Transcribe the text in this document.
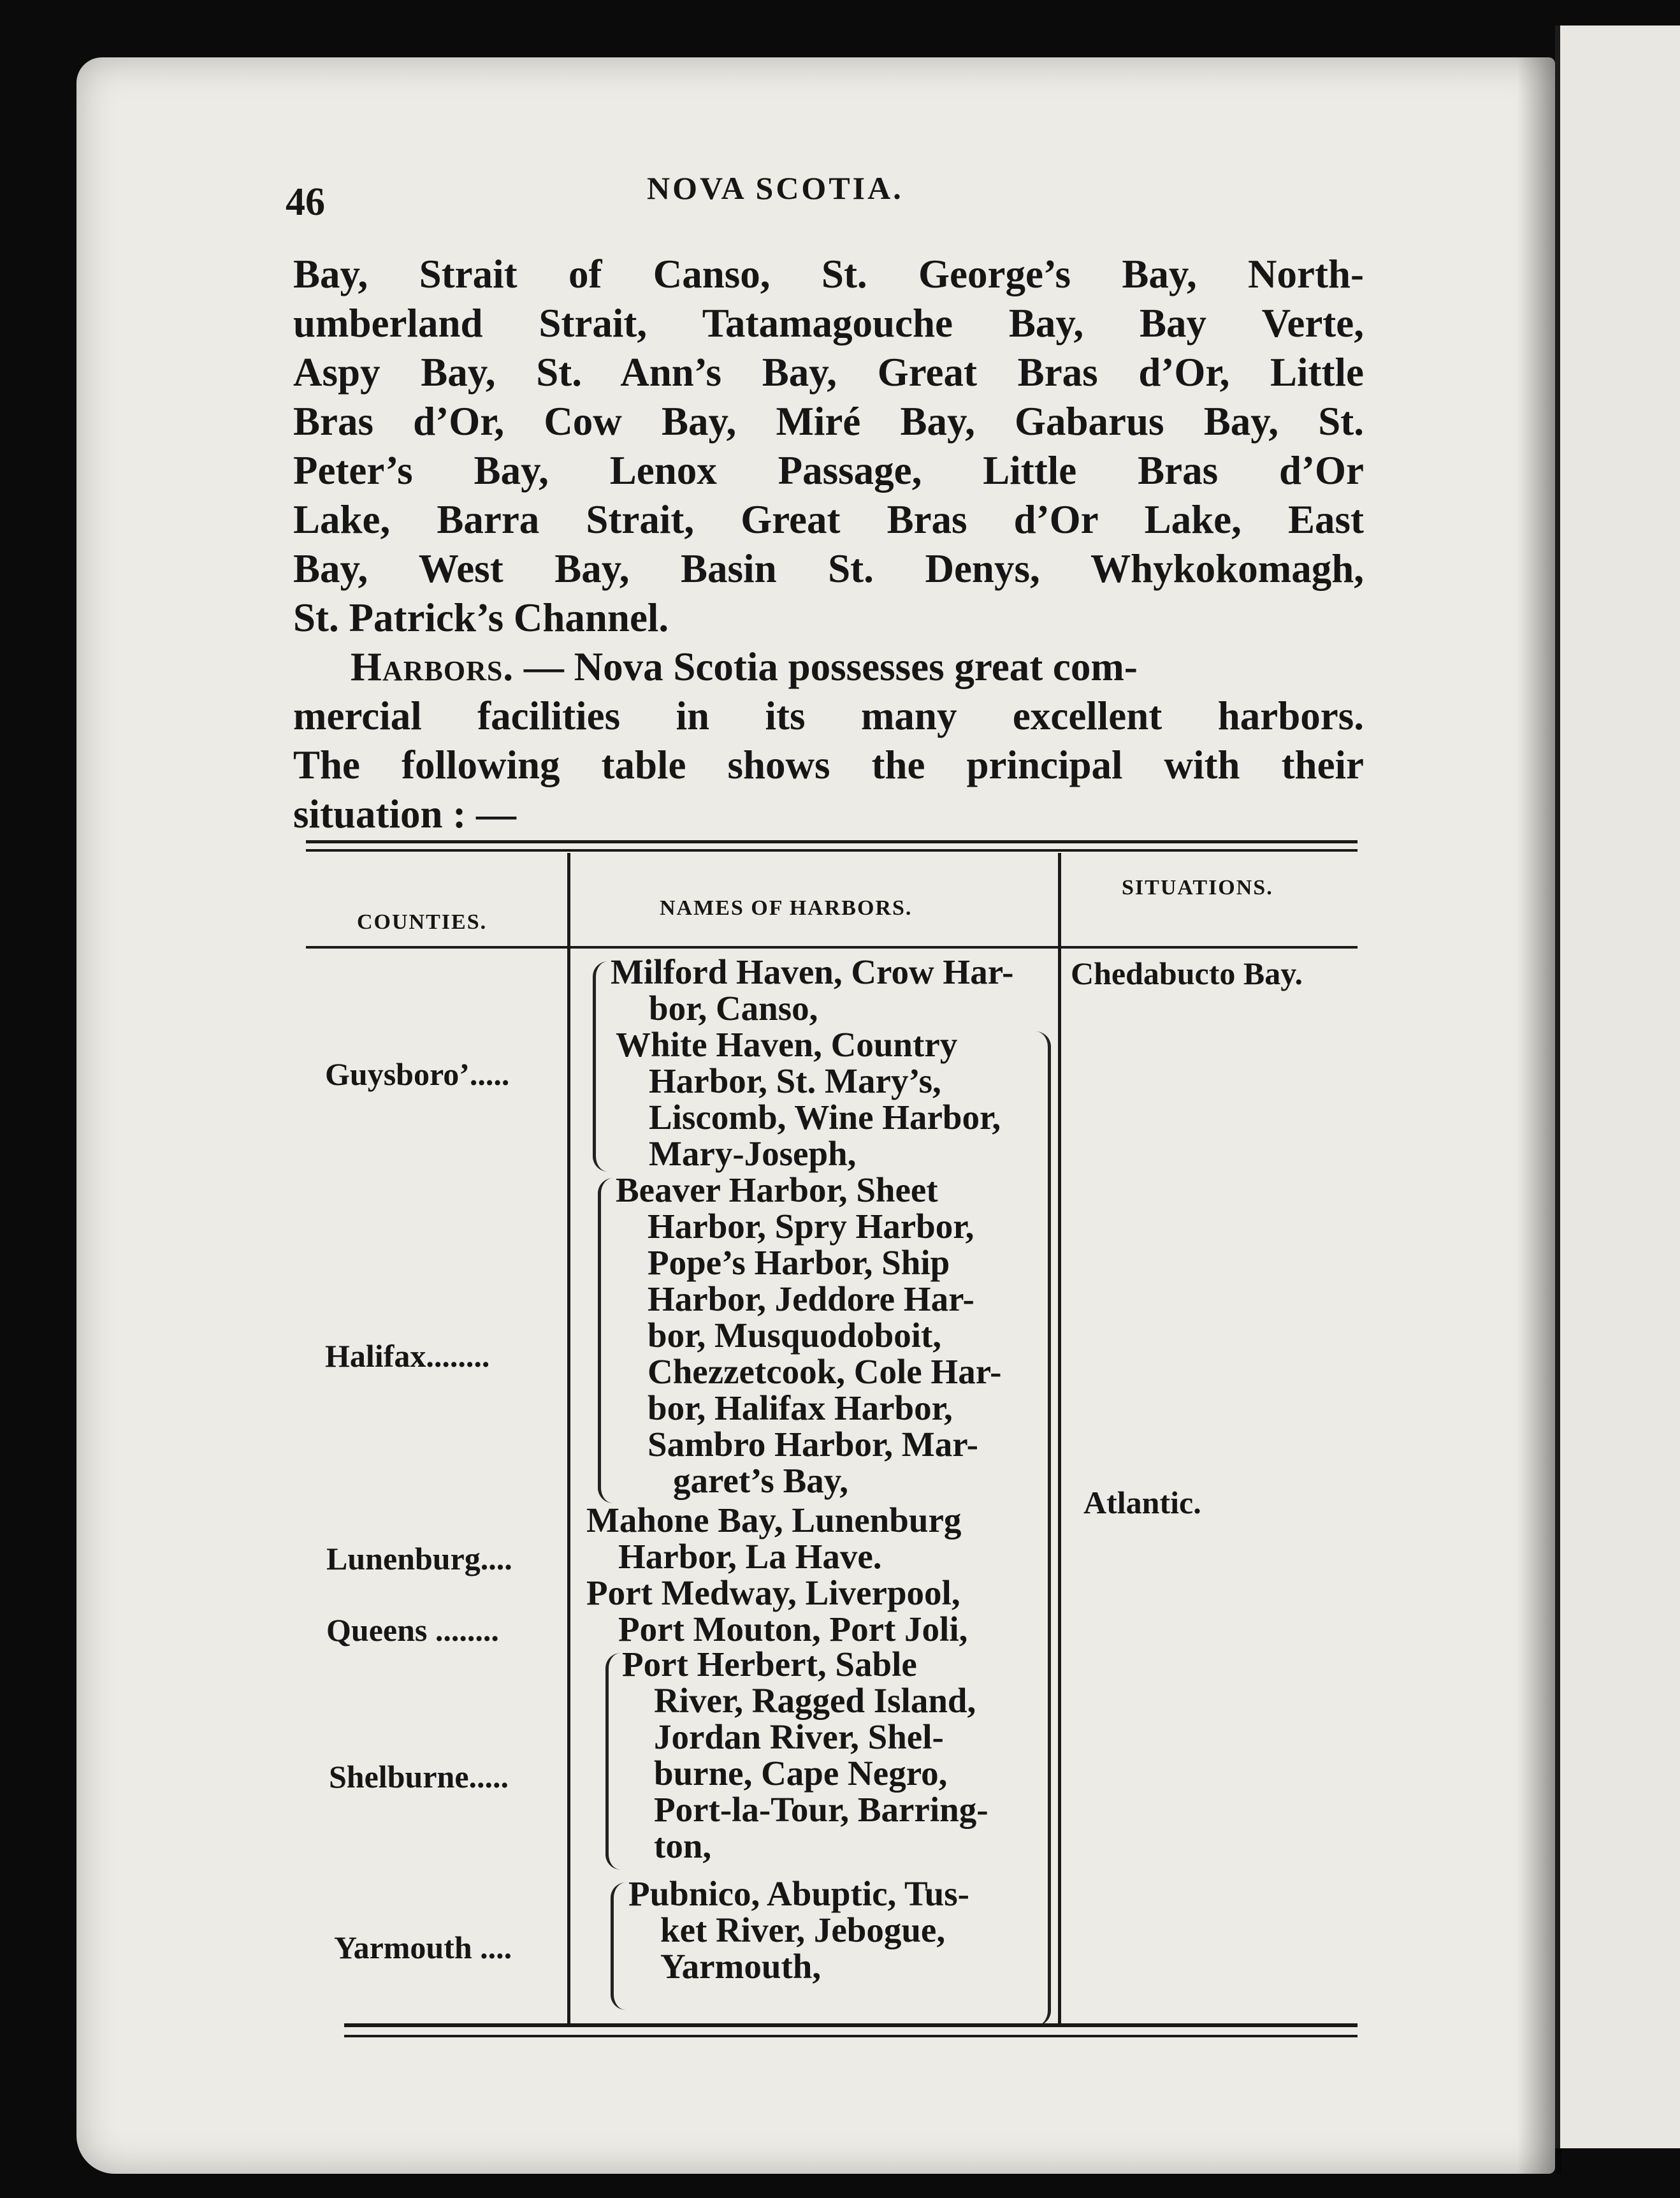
46	NOVA SCOTIA.
Bay, Strait of Canso, St. George’s Bay, North-
umberland Strait, Tatamagouche Bay, Bay Verte,
Aspy Bay, St. Ann’s Bay, Great Bras d’Or, Little
Bras d’Or, Cow Bay, Miré Bay, Gabarus Bay, St.
Peter’s Bay, Lenox Passage, Little Bras d’Or
Lake, Barra Strait, Great Bras d’Or Lake, East
Bay, West Bay, Basin St. Denys, Whykokomagh,
St. Patrick’s Channel.
Harbors. — Nova Scotia possesses great com-
mercial facilities in its many excellent harbors.
The following table shows the principal with their
situation : —
COUNTIES.
NAMES OF HARBORS.
SITUATIONS.
Guysboro’.....
Milford Haven, Crow Har-
bor, Canso,
White Haven, Country
Harbor, St. Mary’s,
Liscomb, Wine Harbor,
Mary-Joseph,
Chedabucto Bay.
Halifax........
Beaver Harbor, Sheet
Harbor, Spry Harbor,
Pope’s Harbor, Ship
Harbor, Jeddore Har-
bor, Musquodoboit,
Chezzetcook, Cole Har-
bor, Halifax Harbor,
Sambro Harbor, Mar-
garet’s Bay,
Atlantic.
Lunenburg....
Mahone Bay, Lunenburg
Harbor, La Have.
Queens ........
Port Medway, Liverpool,
Port Mouton, Port Joli,
Shelburne.....
Port Herbert, Sable
River, Ragged Island,
Jordan River, Shel-
burne, Cape Negro,
Port-la-Tour, Barring-
ton,
Yarmouth ....
Pubnico, Abuptic, Tus-
ket River, Jebogue,
Yarmouth,
